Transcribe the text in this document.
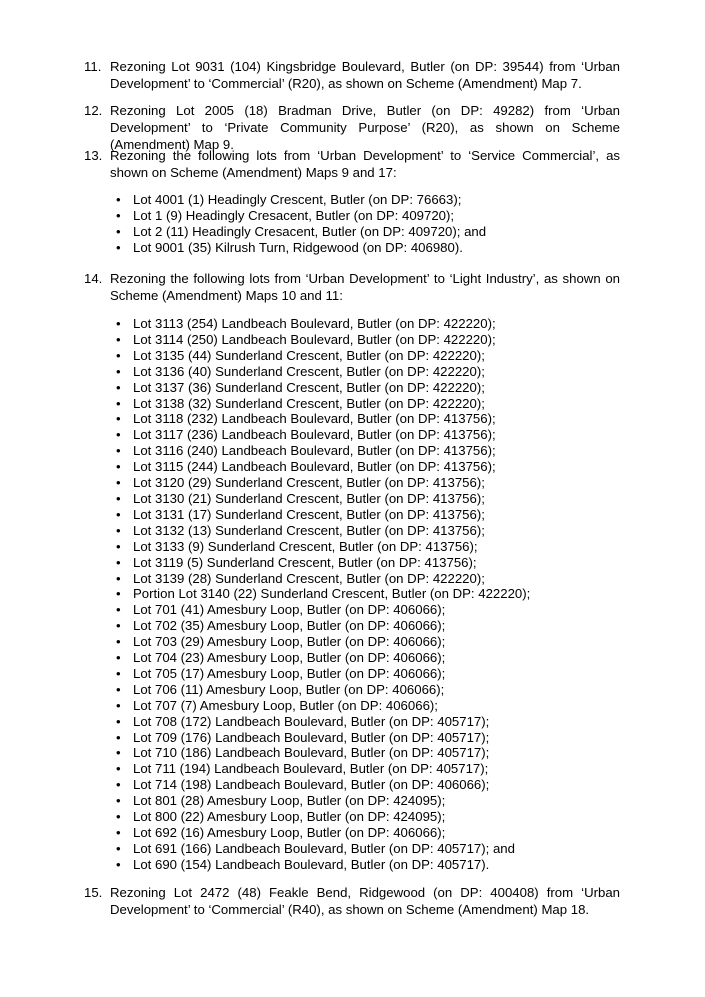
11. Rezoning Lot 9031 (104) Kingsbridge Boulevard, Butler (on DP: 39544) from ‘Urban Development’ to ‘Commercial’ (R20), as shown on Scheme (Amendment) Map 7.
12. Rezoning Lot 2005 (18) Bradman Drive, Butler (on DP: 49282) from ‘Urban Development’ to ‘Private Community Purpose’ (R20), as shown on Scheme (Amendment) Map 9.
13. Rezoning the following lots from ‘Urban Development’ to ‘Service Commercial’, as shown on Scheme (Amendment) Maps 9 and 17:
• Lot 4001 (1) Headingly Crescent, Butler (on DP: 76663);
• Lot 1 (9) Headingly Cresacent, Butler (on DP: 409720);
• Lot 2 (11) Headingly Cresacent, Butler (on DP: 409720); and
• Lot 9001 (35) Kilrush Turn, Ridgewood (on DP: 406980).
14. Rezoning the following lots from ‘Urban Development’ to ‘Light Industry’, as shown on Scheme (Amendment) Maps 10 and 11:
• Lot 3113 (254) Landbeach Boulevard, Butler (on DP: 422220);
• Lot 3114 (250) Landbeach Boulevard, Butler (on DP: 422220);
• Lot 3135 (44) Sunderland Crescent, Butler (on DP: 422220);
• Lot 3136 (40) Sunderland Crescent, Butler (on DP: 422220);
• Lot 3137 (36) Sunderland Crescent, Butler (on DP: 422220);
• Lot 3138 (32) Sunderland Crescent, Butler (on DP: 422220);
• Lot 3118 (232) Landbeach Boulevard, Butler (on DP: 413756);
• Lot 3117 (236) Landbeach Boulevard, Butler (on DP: 413756);
• Lot 3116 (240) Landbeach Boulevard, Butler (on DP: 413756);
• Lot 3115 (244) Landbeach Boulevard, Butler (on DP: 413756);
• Lot 3120 (29) Sunderland Crescent, Butler (on DP: 413756);
• Lot 3130 (21) Sunderland Crescent, Butler (on DP: 413756);
• Lot 3131 (17) Sunderland Crescent, Butler (on DP: 413756);
• Lot 3132 (13) Sunderland Crescent, Butler (on DP: 413756);
• Lot 3133 (9) Sunderland Crescent, Butler (on DP: 413756);
• Lot 3119 (5) Sunderland Crescent, Butler (on DP: 413756);
• Lot 3139 (28) Sunderland Crescent, Butler (on DP: 422220);
• Portion Lot 3140 (22) Sunderland Crescent, Butler (on DP: 422220);
• Lot 701 (41) Amesbury Loop, Butler (on DP: 406066);
• Lot 702 (35) Amesbury Loop, Butler (on DP: 406066);
• Lot 703 (29) Amesbury Loop, Butler (on DP: 406066);
• Lot 704 (23) Amesbury Loop, Butler (on DP: 406066);
• Lot 705 (17) Amesbury Loop, Butler (on DP: 406066);
• Lot 706 (11) Amesbury Loop, Butler (on DP: 406066);
• Lot 707 (7) Amesbury Loop, Butler (on DP: 406066);
• Lot 708 (172) Landbeach Boulevard, Butler (on DP: 405717);
• Lot 709 (176) Landbeach Boulevard, Butler (on DP: 405717);
• Lot 710 (186) Landbeach Boulevard, Butler (on DP: 405717);
• Lot 711 (194) Landbeach Boulevard, Butler (on DP: 405717);
• Lot 714 (198) Landbeach Boulevard, Butler (on DP: 406066);
• Lot 801 (28) Amesbury Loop, Butler (on DP: 424095);
• Lot 800 (22) Amesbury Loop, Butler (on DP: 424095);
• Lot 692 (16) Amesbury Loop, Butler (on DP: 406066);
• Lot 691 (166) Landbeach Boulevard, Butler (on DP: 405717); and
• Lot 690 (154) Landbeach Boulevard, Butler (on DP: 405717).
15. Rezoning Lot 2472 (48) Feakle Bend, Ridgewood (on DP: 400408) from ‘Urban Development’ to ‘Commercial’ (R40), as shown on Scheme (Amendment) Map 18.
